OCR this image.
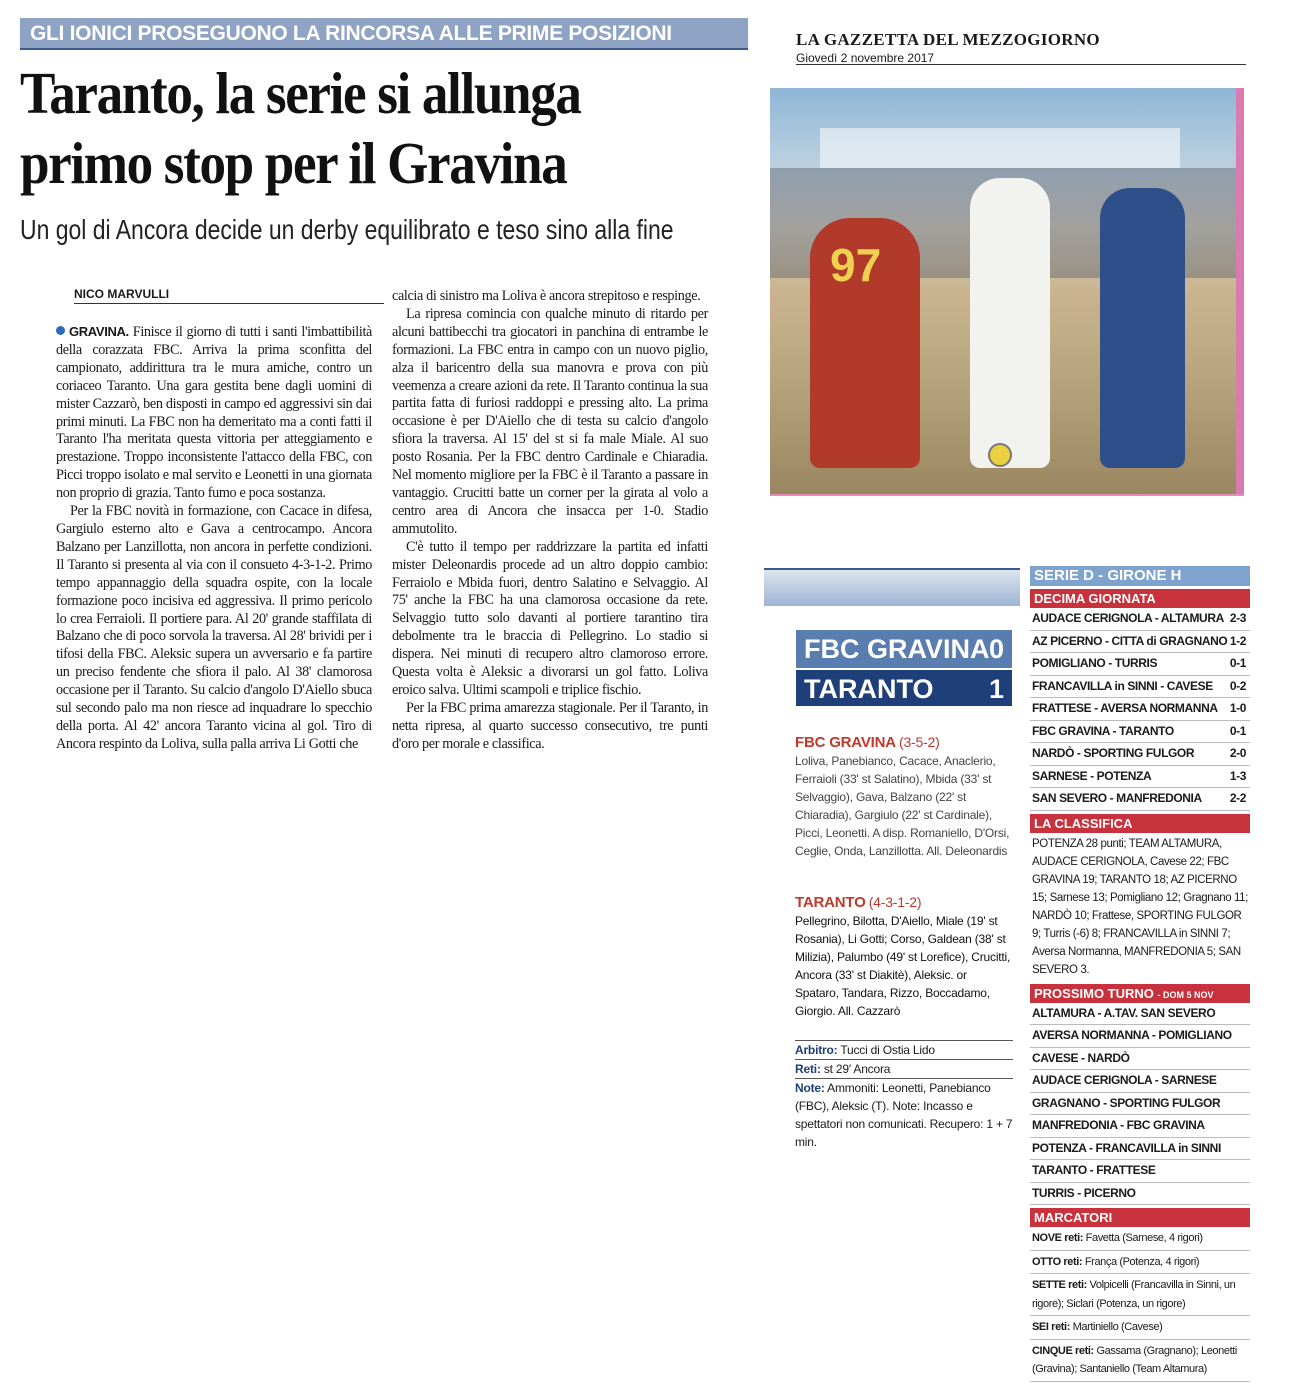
GLI IONICI PROSEGUONO LA RINCORSA ALLE PRIME POSIZIONI
Taranto, la serie si allunga
primo stop per il Gravina
Un gol di Ancora decide un derby equilibrato e teso sino alla fine
LA GAZZETTA DEL MEZZOGIORNO
Giovedì 2 novembre 2017
97
NICO MARVULLI

GRAVINA. Finisce il giorno di tutti i santi l'imbattibilità della corazzata FBC. Arriva la prima sconfitta del campionato, addirittura tra le mura amiche, contro un coriaceo Taranto. Una gara gestita bene dagli uomini di mister Cazzarò, ben disposti in campo ed aggressivi sin dai primi minuti. La FBC non ha demeritato ma a conti fatti il Taranto l'ha meritata questa vittoria per atteggiamento e prestazione. Troppo inconsistente l'attacco della FBC, con Picci troppo isolato e mal servito e Leonetti in una giornata non proprio di grazia. Tanto fumo e poca sostanza.

Per la FBC novità in formazione, con Cacace in difesa, Gargiulo esterno alto e Gava a centrocampo. Ancora Balzano per Lanzillotta, non ancora in perfette condizioni. Il Taranto si presenta al via con il consueto 4-3-1-2. Primo tempo appannaggio della squadra ospite, con la locale formazione poco incisiva ed aggressiva. Il primo pericolo lo crea Ferraioli. Il portiere para. Al 20' grande staffilata di Balzano che di poco sorvola la traversa. Al 28' brividi per i tifosi della FBC. Aleksic supera un avversario e fa partire un preciso fendente che sfiora il palo. Al 38' clamorosa occasione per il Taranto. Su calcio d'angolo D'Aiello sbuca sul secondo palo ma non riesce ad inquadrare lo specchio della porta. Al 42' ancora Taranto vicina al gol. Tiro di Ancora respinto da Loliva, sulla palla arriva Li Gotti che

calcia di sinistro ma Loliva è ancora strepitoso e respinge.

La ripresa comincia con qualche minuto di ritardo per alcuni battibecchi tra giocatori in panchina di entrambe le formazioni. La FBC entra in campo con un nuovo piglio, alza il baricentro della sua manovra e prova con più veemenza a creare azioni da rete. Il Taranto continua la sua partita fatta di furiosi raddoppi e pressing alto. La prima occasione è per D'Aiello che di testa su calcio d'angolo sfiora la traversa. Al 15' del st si fa male Miale. Al suo posto Rosania. Per la FBC dentro Cardinale e Chiaradia. Nel momento migliore per la FBC è il Taranto a passare in vantaggio. Crucitti batte un corner per la girata al volo a centro area di Ancora che insacca per 1-0. Stadio ammutolito.

C'è tutto il tempo per raddrizzare la partita ed infatti mister Deleonardis procede ad un altro doppio cambio: Ferraiolo e Mbida fuori, dentro Salatino e Selvaggio. Al 75' anche la FBC ha una clamorosa occasione da rete. Selvaggio tutto solo davanti al portiere tarantino tira debolmente tra le braccia di Pellegrino. Lo stadio si dispera. Nei minuti di recupero altro clamoroso errore. Questa volta è Aleksic a divorarsi un gol fatto. Loliva eroico salva. Ultimi scampoli e triplice fischio.

Per la FBC prima amarezza stagionale. Per il Taranto, in netta ripresa, al quarto successo consecutivo, tre punti d'oro per morale e classifica.

FBC GRAVINA 0
TARANTO 1
FBC GRAVINA (3-5-2)
Loliva, Panebianco, Cacace, Anaclerio, Ferraioli (33' st Salatino), Mbida (33' st Selvaggio), Gava, Balzano (22' st Chiaradia), Gargiulo (22' st Cardinale), Picci, Leonetti. A disp. Romaniello, D'Orsi, Ceglie, Onda, Lanzillotta. All. Deleonardis
TARANTO (4-3-1-2)
Pellegrino, Bilotta, D'Aiello, Miale (19' st Rosania), Li Gotti; Corso, Galdean (38' st Milizia), Palumbo (49' st Lorefice), Crucitti, Ancora (33' st Diakitè), Aleksic. or Spataro, Tandara, Rizzo, Boccadamo, Giorgio. All. Cazzarò
Arbitro: Tucci di Ostia Lido
Reti: st 29' Ancora
Note: Ammoniti: Leonetti, Panebianco (FBC), Aleksic (T). Note: Incasso e spettatori non comunicati. Recupero: 1 + 7 min.
SERIE D - GIRONE H
DECIMA GIORNATA
AUDACE CERIGNOLA - ALTAMURA 2-3
AZ PICERNO - CITTA di GRAGNANO 1-2
POMIGLIANO - TURRIS	0-1
FRANCAVILLA in SINNI - CAVESE 0-2
FRATTESE - AVERSA NORMANNA 1-0
FBC GRAVINA - TARANTO	0-1
NARDÒ - SPORTING FULGOR	2-0
SARNESE - POTENZA	1-3
SAN SEVERO - MANFREDONIA 2-2
LA CLASSIFICA
POTENZA 28 punti; TEAM ALTAMURA, AUDACE CERIGNOLA, Cavese 22; FBC GRAVINA 19; TARANTO 18; AZ PICERNO 15; Sarnese 13; Pomigliano 12; Gragnano 11; NARDÒ 10; Frattese, SPORTING FULGOR 9; Turris (-6) 8; FRANCAVILLA in SINNI 7; Aversa Normanna, MANFREDONIA 5; SAN SEVERO 3.
PROSSIMO TURNO - DOM 5 NOV
ALTAMURA - A.TAV. SAN SEVERO
AVERSA NORMANNA - POMIGLIANO
CAVESE - NARDÒ
AUDACE CERIGNOLA - SARNESE
GRAGNANO - SPORTING FULGOR
MANFREDONIA - FBC GRAVINA
POTENZA - FRANCAVILLA in SINNI
TARANTO - FRATTESE
TURRIS - PICERNO
MARCATORI
NOVE reti: Favetta (Sarnese, 4 rigori)
OTTO reti: França (Potenza, 4 rigori)
SETTE reti: Volpicelli (Francavilla in Sinni, un rigore); Siclari (Potenza, un rigore)
SEI reti: Martiniello (Cavese)
CINQUE reti: Gassama (Gragnano); Leonetti (Gravina); Santaniello (Team Altamura)
